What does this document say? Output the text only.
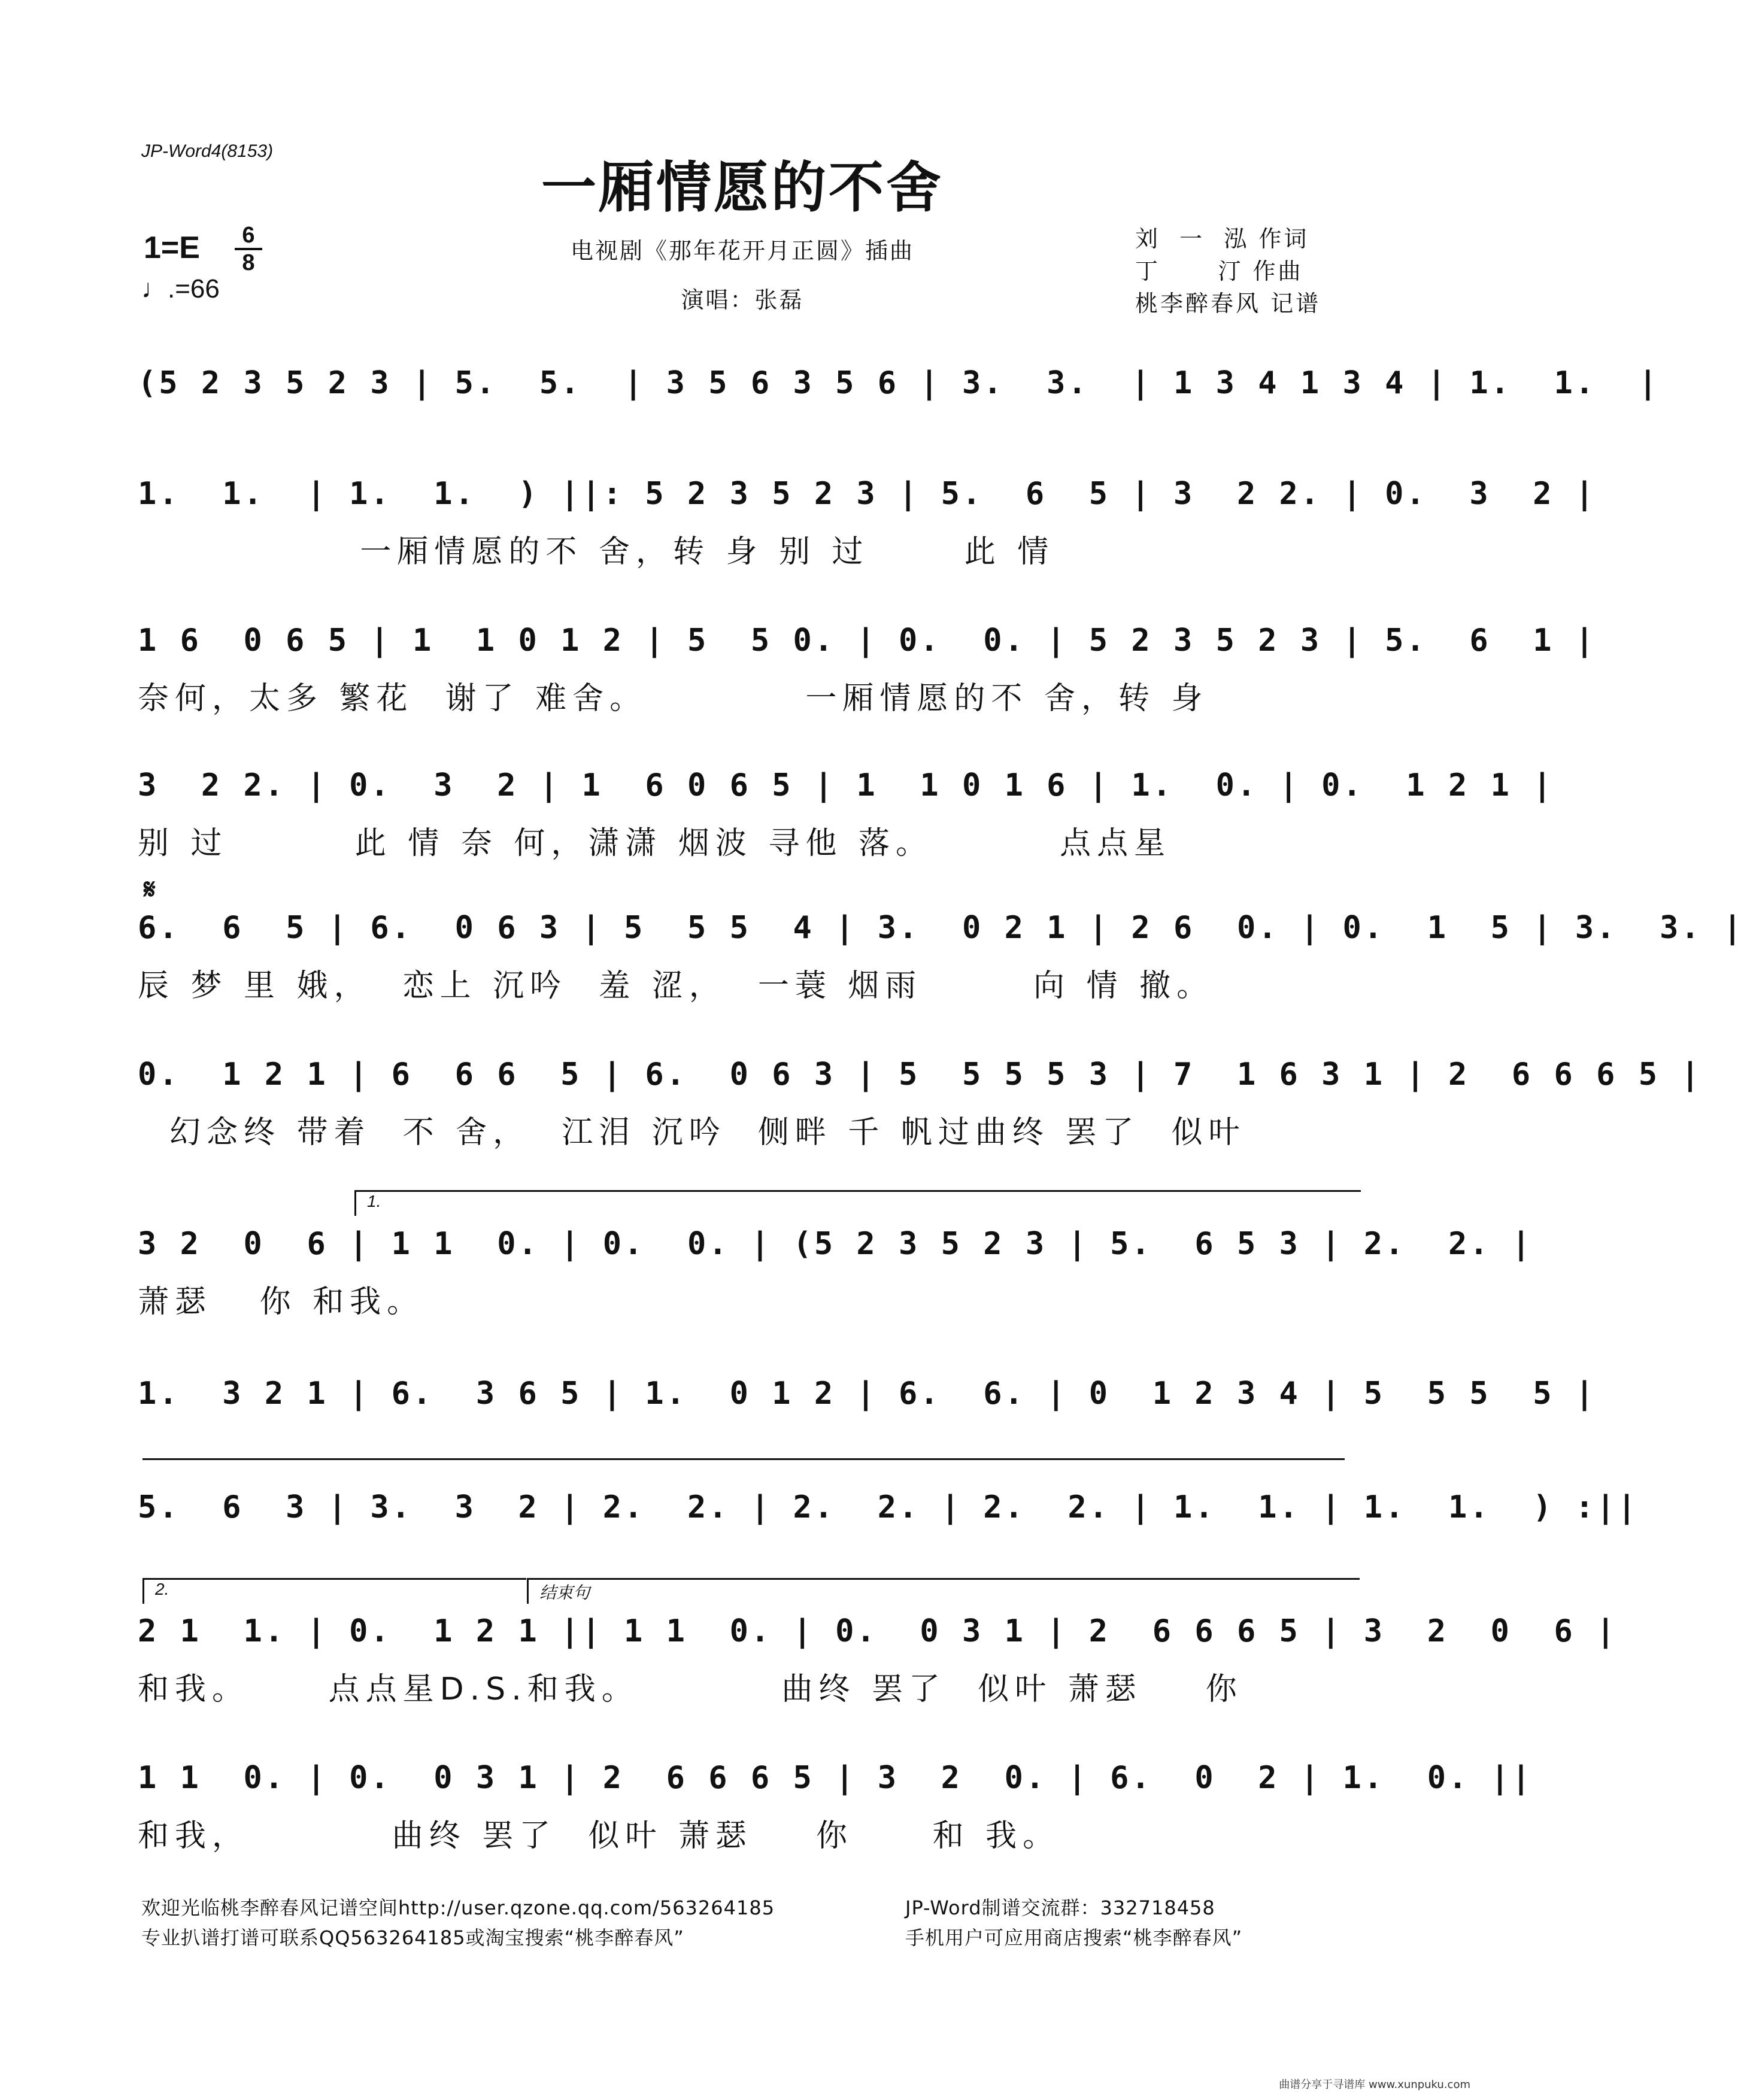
JP-Word4(8153)
一厢情愿的不舍
电视剧《那年花开月正圆》插曲
演唱：张磊
1=E	6
8
♩.=66
刘  一  泓 作词
丁      汀 作曲
桃李醉春风 记谱
(5 2 3 5 2 3 | 5.  5.  | 3 5 6 3 5 6 | 3.  3.  | 1 3 4 1 3 4 | 1.  1.  |
1.  1.  | 1.  1.  ) ||: 5 2 3 5 2 3 | 5.  6  5 | 3  2 2. | 0.  3  2 |
一厢情愿的不 舍，转 身 别 过      此 情
1 6  0 6 5 | 1  1 0 1 2 | 5  5 0. | 0.  0. | 5 2 3 5 2 3 | 5.  6  1 |
奈何，太多 繁花  谢了 难舍。          一厢情愿的不 舍，转 身
3  2 2. | 0.  3  2 | 1  6 0 6 5 | 1  1 0 1 6 | 1.  0. | 0.  1 2 1 |
别 过        此 情 奈 何，潇潇 烟波 寻他 落。        点点星
𝄋
6.  6  5 | 6.  0 6 3 | 5  5 5  4 | 3.  0 2 1 | 2 6  0. | 0.  1  5 | 3.  3. |
辰 梦 里 娥，  恋上 沉吟  羞 涩，  一蓑 烟雨       向 情 撤。
0.  1 2 1 | 6  6 6  5 | 6.  0 6 3 | 5  5 5 5 3 | 7  1 6 3 1 | 2  6 6 6 5 |
幻念终 带着  不 舍，  江泪 沉吟  侧畔 千 帆过曲终 罢了  似叶
1.
3 2  0  6 | 1 1  0. | 0.  0. | (5 2 3 5 2 3 | 5.  6 5 3 | 2.  2. |
萧瑟   你 和我。
1.  3 2 1 | 6.  3 6 5 | 1.  0 1 2 | 6.  6. | 0  1 2 3 4 | 5  5 5  5 |
5.  6  3 | 3.  3  2 | 2.  2. | 2.  2. | 2.  2. | 1.  1. | 1.  1.  ) :||
2.	结束句
2 1  1. | 0.  1 2 1 || 1 1  0. | 0.  0 3 1 | 2  6 6 6 5 | 3  2  0  6 |
和我。     点点星D.S.和我。         曲终 罢了  似叶 萧瑟    你
1 1  0. | 0.  0 3 1 | 2  6 6 6 5 | 3  2  0. | 6.  0  2 | 1.  0. ||
和我，         曲终 罢了  似叶 萧瑟    你     和 我。
欢迎光临桃李醉春风记谱空间http://user.qzone.qq.com/563264185	JP-Word制谱交流群：332718458
专业扒谱打谱可联系QQ563264185或淘宝搜索“桃李醉春风”	手机用户可应用商店搜索“桃李醉春风”
曲谱分享于寻谱库 www.xunpuku.com
